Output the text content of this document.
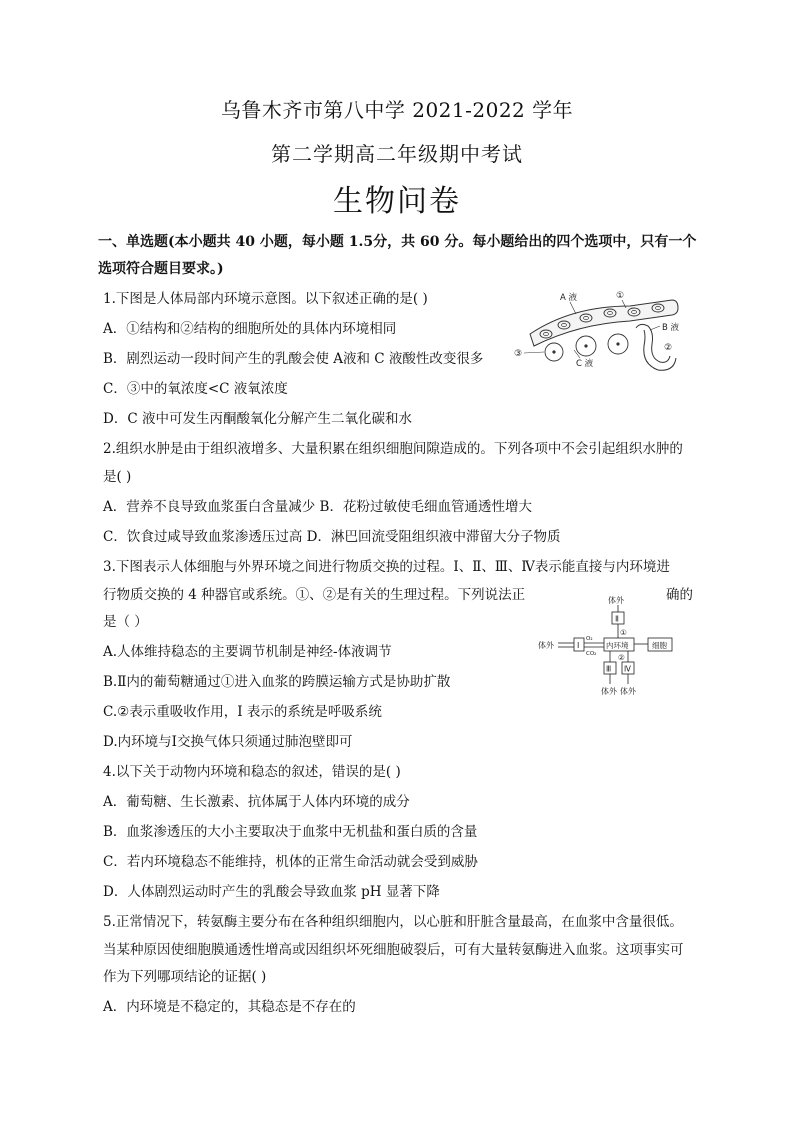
乌鲁木齐市第八中学 2021-2022 学年
第二学期高二年级期中考试
生物问卷
一、单选题(本小题共 40 小题，每小题 1.5分，共 60 分。每小题给出的四个选项中，只有一个
选项符合题目要求。)
1.下图是人体局部内环境示意图。以下叙述正确的是( )
A．①结构和②结构的细胞所处的具体内环境相同
B．剧烈运动一段时间产生的乳酸会使 A液和 C 液酸性改变很多
C．③中的氧浓度<C 液氧浓度
D．C 液中可发生丙酮酸氧化分解产生二氧化碳和水
A 液
B 液
C 液
①
②
③
2.组织水肿是由于组织液增多、大量积累在组织细胞间隙造成的。下列各项中不会引起组织水肿的
是( )
A．营养不良导致血浆蛋白含量减少 B．花粉过敏使毛细血管通透性增大
C．饮食过咸导致血浆渗透压过高 D．淋巴回流受阻组织液中滞留大分子物质
3.下图表示人体细胞与外界环境之间进行物质交换的过程。Ⅰ、Ⅱ、Ⅲ、Ⅳ表示能直接与内环境进
行物质交换的 4 种器官或系统。①、②是有关的生理过程。下列说法正	确的
是（ ）
A.人体维持稳态的主要调节机制是神经-体液调节
B.Ⅱ内的葡萄糖通过①进入血浆的跨膜运输方式是协助扩散
C.②表示重吸收作用，Ⅰ 表示的系统是呼吸系统
D.内环境与Ⅰ交换气体只须通过肺泡壁即可
体外
Ⅱ
①
内环境
体外	Ⅰ
O₂
CO₂
细胞
②
Ⅲ Ⅳ
体外 体外
4.以下关于动物内环境和稳态的叙述，错误的是( )
A．葡萄糖、生长激素、抗体属于人体内环境的成分
B．血浆渗透压的大小主要取决于血浆中无机盐和蛋白质的含量
C．若内环境稳态不能维持，机体的正常生命活动就会受到威胁
D．人体剧烈运动时产生的乳酸会导致血浆 pH 显著下降
5.正常情况下，转氨酶主要分布在各种组织细胞内，以心脏和肝脏含量最高，在血浆中含量很低。
当某种原因使细胞膜通透性增高或因组织坏死细胞破裂后，可有大量转氨酶进入血浆。这项事实可
作为下列哪项结论的证据( )
A．内环境是不稳定的，其稳态是不存在的
